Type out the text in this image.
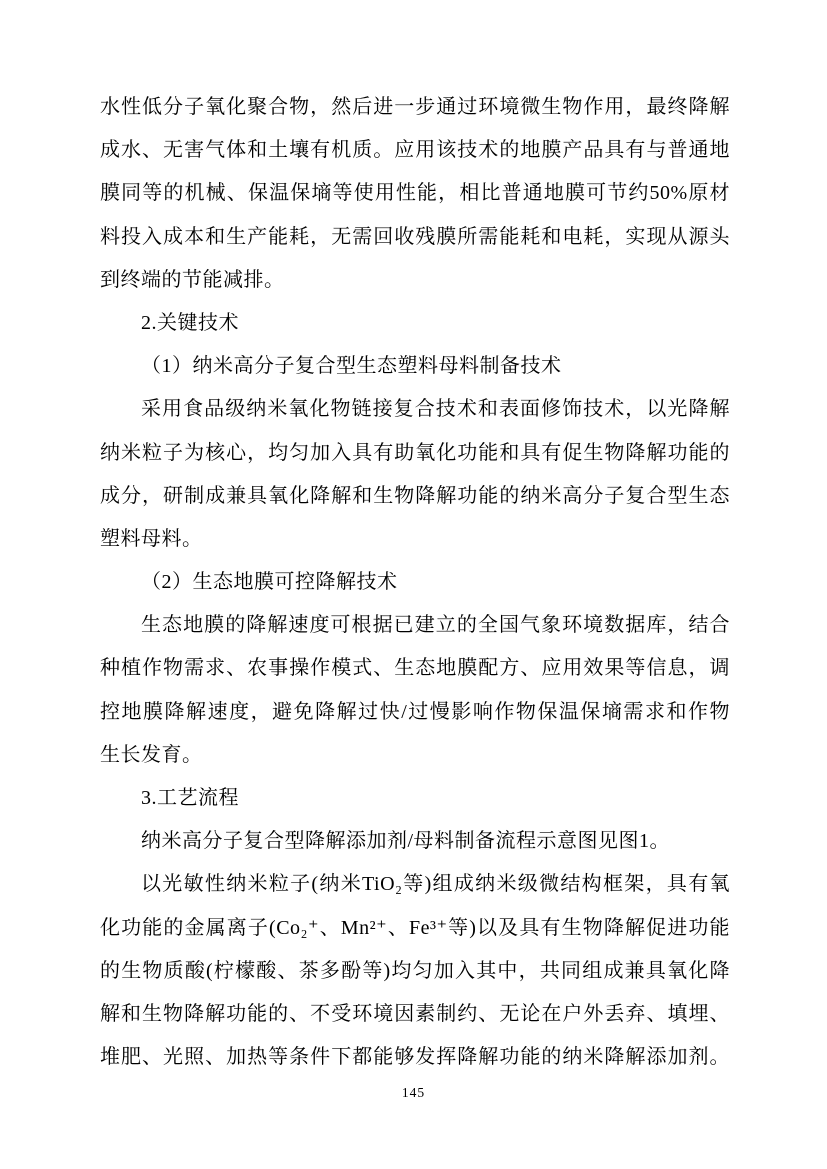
水性低分子氧化聚合物，然后进一步通过环境微生物作用，最终降解
成水、无害气体和土壤有机质。应用该技术的地膜产品具有与普通地
膜同等的机械、保温保墒等使用性能，相比普通地膜可节约50%原材
料投入成本和生产能耗，无需回收残膜所需能耗和电耗，实现从源头
到终端的节能减排。
2.关键技术
（1）纳米高分子复合型生态塑料母料制备技术
采用食品级纳米氧化物链接复合技术和表面修饰技术，以光降解
纳米粒子为核心，均匀加入具有助氧化功能和具有促生物降解功能的
成分，研制成兼具氧化降解和生物降解功能的纳米高分子复合型生态
塑料母料。
（2）生态地膜可控降解技术
生态地膜的降解速度可根据已建立的全国气象环境数据库，结合
种植作物需求、农事操作模式、生态地膜配方、应用效果等信息，调
控地膜降解速度，避免降解过快/过慢影响作物保温保墒需求和作物
生长发育。
3.工艺流程
纳米高分子复合型降解添加剂/母料制备流程示意图见图1。
以光敏性纳米粒子(纳米TiO₂等)组成纳米级微结构框架，具有氧
化功能的金属离子(Co₂⁺、Mn²⁺、Fe³⁺等)以及具有生物降解促进功能
的生物质酸(柠檬酸、茶多酚等)均匀加入其中，共同组成兼具氧化降
解和生物降解功能的、不受环境因素制约、无论在户外丢弃、填埋、
堆肥、光照、加热等条件下都能够发挥降解功能的纳米降解添加剂。
145
